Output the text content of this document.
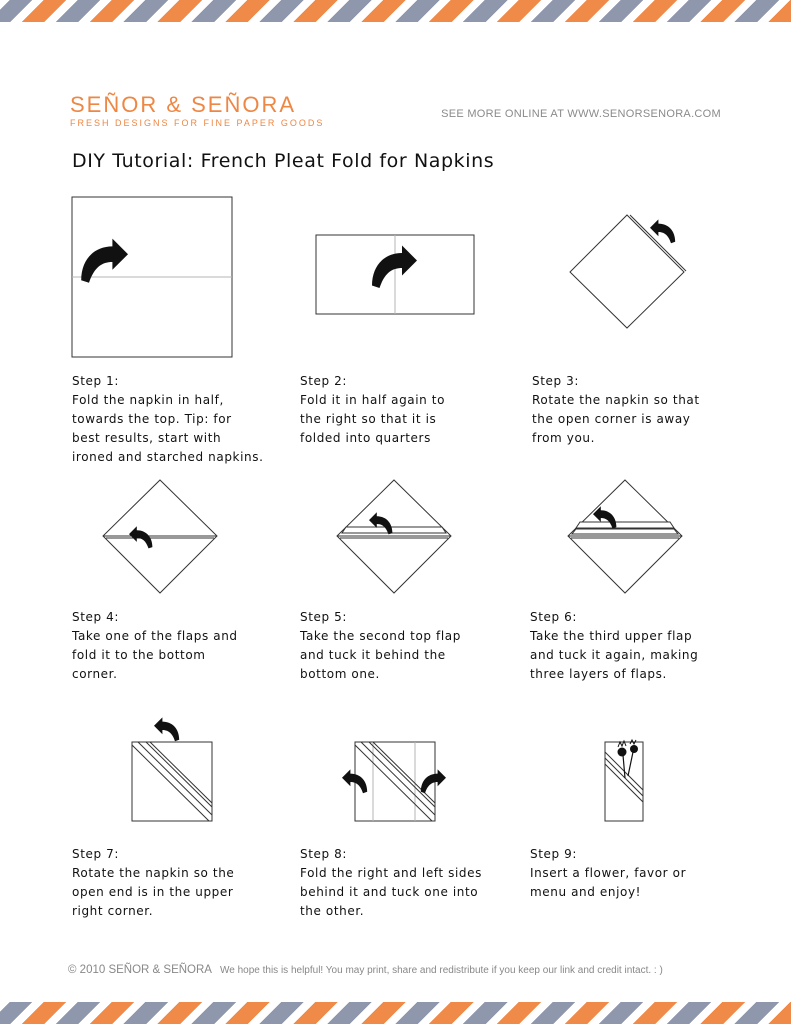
SEÑOR & SEÑORA
FRESH DESIGNS FOR FINE PAPER GOODS
SEE MORE ONLINE AT WWW.SENORSENORA.COM
DIY Tutorial: French Pleat Fold for Napkins
Step 1:
Fold the napkin in half,
towards the top. Tip: for
best results, start with
ironed and starched napkins.
Step 2:
Fold it in half again to
the right so that it is
folded into quarters
Step 3:
Rotate the napkin so that
the open corner is away
from you.
Step 4:
Take one of the flaps and
fold it to the bottom
corner.
Step 5:
Take the second top flap
and tuck it behind the
bottom one.
Step 6:
Take the third upper flap
and tuck it again, making
three layers of flaps.
Step 7:
Rotate the napkin so the
open end is in the upper
right corner.
Step 8:
Fold the right and left sides
behind it and tuck one into
the other.
Step 9:
Insert a flower, favor or
menu and enjoy!
© 2010 SEÑOR & SEÑORA We hope this is helpful! You may print, share and redistribute if you keep our link and credit intact. : )
